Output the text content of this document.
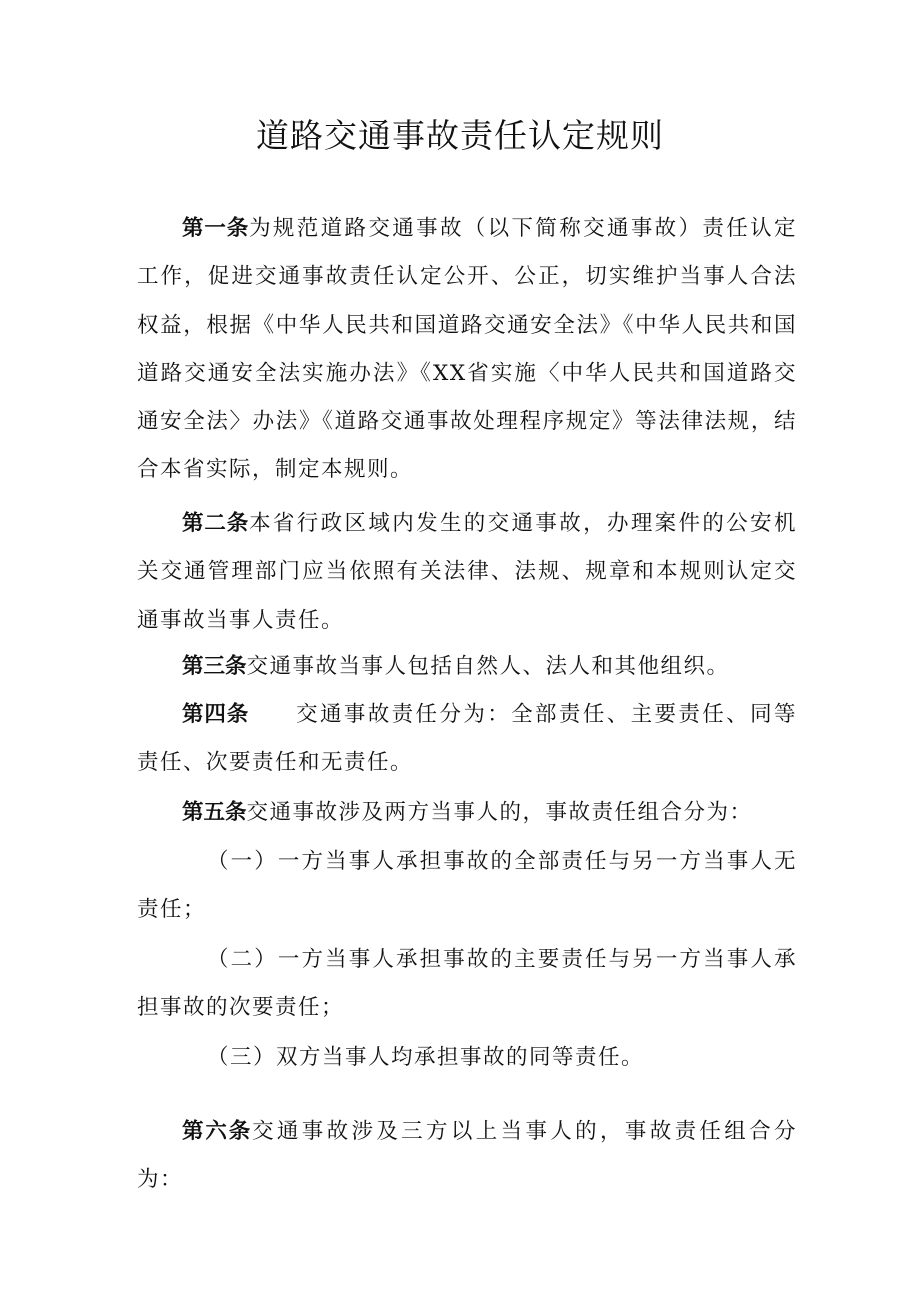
道路交通事故责任认定规则

第一条为规范道路交通事故（以下简称交通事故）责任认定工作，促进交通事故责任认定公开、公正，切实维护当事人合法权益，根据《中华人民共和国道路交通安全法》《中华人民共和国道路交通安全法实施办法》《XX省实施〈中华人民共和国道路交通安全法〉办法》《道路交通事故处理程序规定》等法律法规，结合本省实际，制定本规则。

第二条本省行政区域内发生的交通事故，办理案件的公安机关交通管理部门应当依照有关法律、法规、规章和本规则认定交通事故当事人责任。

第三条交通事故当事人包括自然人、法人和其他组织。

第四条 交通事故责任分为：全部责任、主要责任、同等责任、次要责任和无责任。

第五条交通事故涉及两方当事人的，事故责任组合分为：

（一）一方当事人承担事故的全部责任与另一方当事人无责任；

（二）一方当事人承担事故的主要责任与另一方当事人承担事故的次要责任；

（三）双方当事人均承担事故的同等责任。

第六条交通事故涉及三方以上当事人的，事故责任组合分为：
